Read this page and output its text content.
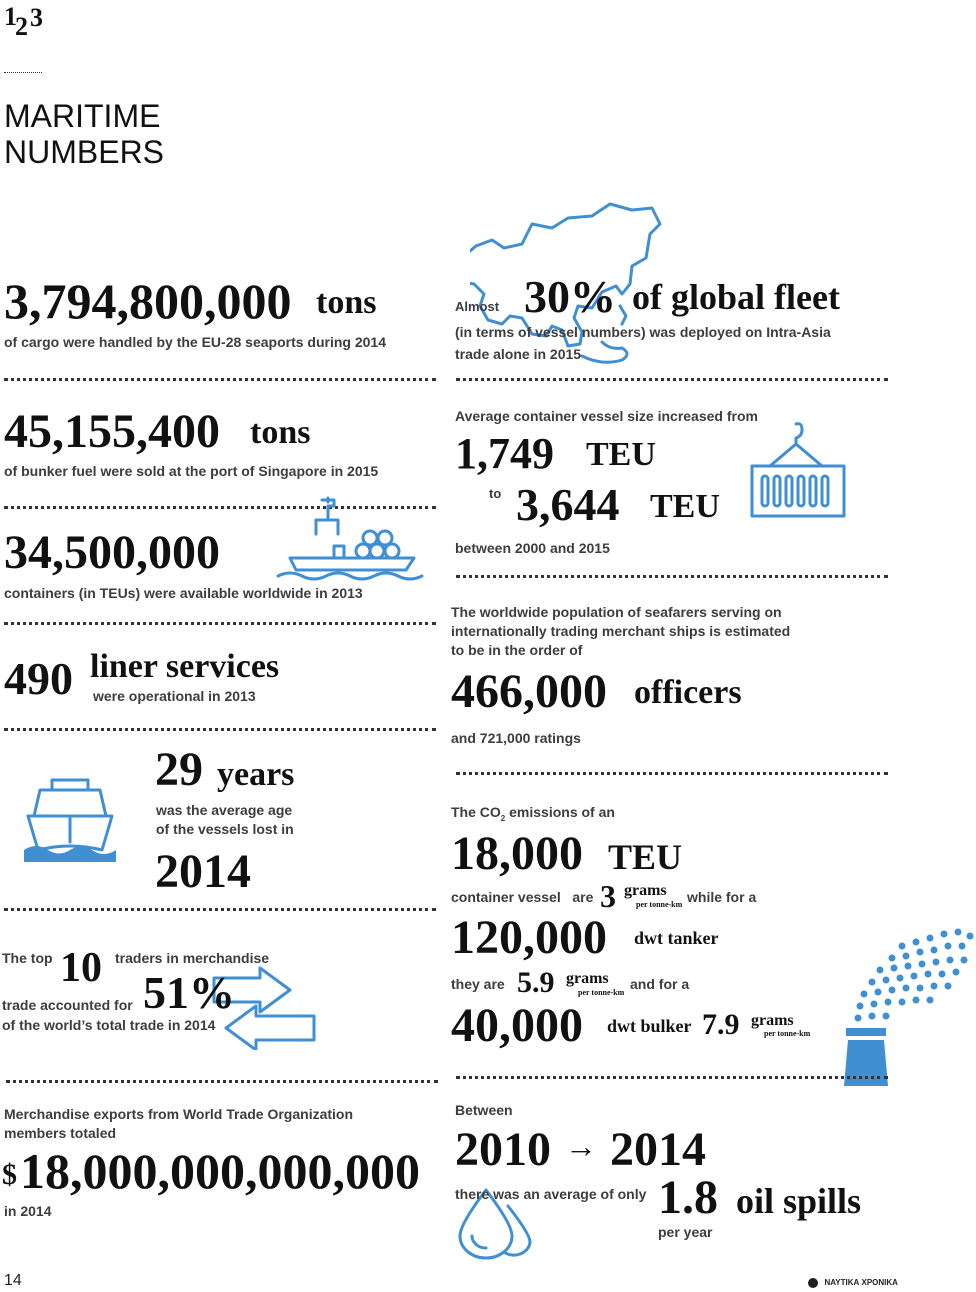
1
2 3
MARITIME
NUMBERS
3,794,800,000 tons
of cargo were handled by the EU-28 seaports during 2014
45,155,400 tons
of bunker fuel were sold at the port of Singapore in 2015
34,500,000
containers (in TEUs) were available worldwide in 2013
490 liner services
were operational in 2013
29 years
was the average age
of the vessels lost in
2014
The top 10 traders in merchandise
trade accounted for 51%
of the world’s total trade in 2014
Merchandise exports from World Trade Organization
members totaled
$ 18,000,000,000,000
in 2014
Almost 30% of global fleet
(in terms of vessel numbers) was deployed on Intra-Asia
trade alone in 2015
Average container vessel size increased from
1,749 TEU
to 3,644 TEU
between 2000 and 2015
The worldwide population of seafarers serving on
internationally trading merchant ships is estimated
to be in the order of
466,000 officers
and 721,000 ratings
The $CO_2$ emissions of an
18,000 TEU
container vessel   are 3 grams
per tonne-km while for a
120,000 dwt tanker
they are 5.9 grams
per tonne-km
and for a
40,000 dwt bulker 7.9 grams
per tonne-km
Between
2010 → 2014
there was an average of only 1.8 oil spills
per year
14	ΝΑΥΤΙΚΑ ΧΡΟΝΙΚΑ
